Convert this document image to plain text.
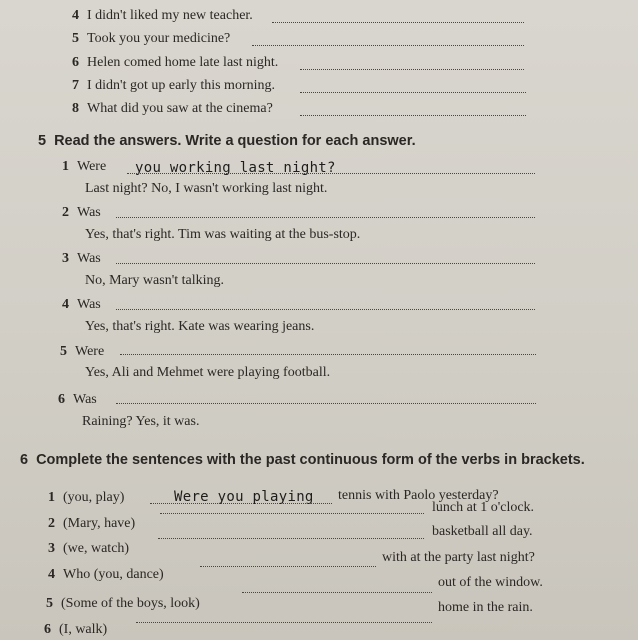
4 I didn't liked my new teacher.
5 Took you your medicine?
6 Helen comed home late last night.
7 I didn't got up early this morning.
8 What did you saw at the cinema?
5 Read the answers. Write a question for each answer.
1 Were you working last night?
Last night? No, I wasn't working last night.
2 Was
Yes, that's right. Tim was waiting at the bus-stop.
3 Was
No, Mary wasn't talking.
4 Was
Yes, that's right. Kate was wearing jeans.
5 Were
Yes, Ali and Mehmet were playing football.
6 Was
Raining? Yes, it was.
6 Complete the sentences with the past continuous form of the verbs in brackets.
1 (you, play)	Were you playing tennis with Paolo yesterday?
2 (Mary, have)
lunch at 1 o'clock.
3 (we, watch)
basketball all day.
4 Who (you, dance)
with at the party last night?
5 (Some of the boys, look)
out of the window.
6 (I, walk)
home in the rain.
